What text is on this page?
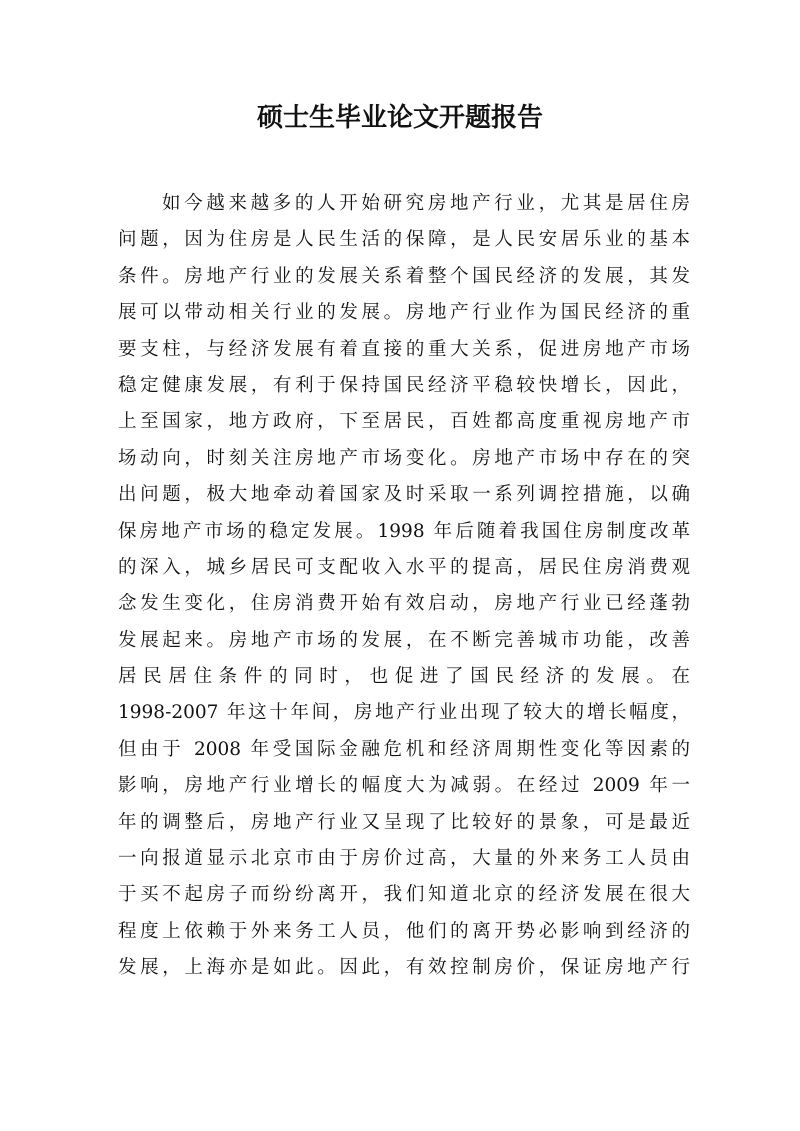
硕士生毕业论文开题报告
如今越来越多的人开始研究房地产行业，尤其是居住房
问题，因为住房是人民生活的保障，是人民安居乐业的基本
条件。房地产行业的发展关系着整个国民经济的发展，其发
展可以带动相关行业的发展。房地产行业作为国民经济的重
要支柱，与经济发展有着直接的重大关系，促进房地产市场
稳定健康发展，有利于保持国民经济平稳较快增长，因此，
上至国家，地方政府，下至居民，百姓都高度重视房地产市
场动向，时刻关注房地产市场变化。房地产市场中存在的突
出问题，极大地牵动着国家及时采取一系列调控措施，以确
保房地产市场的稳定发展。1998 年后随着我国住房制度改革
的深入，城乡居民可支配收入水平的提高，居民住房消费观
念发生变化，住房消费开始有效启动，房地产行业已经蓬勃
发展起来。房地产市场的发展，在不断完善城市功能，改善
居民居住条件的同时，也促进了国民经济的发展。在
1998-2007 年这十年间，房地产行业出现了较大的增长幅度，
但由于 2008 年受国际金融危机和经济周期性变化等因素的
影响，房地产行业增长的幅度大为减弱。在经过 2009 年一
年的调整后，房地产行业又呈现了比较好的景象，可是最近
一向报道显示北京市由于房价过高，大量的外来务工人员由
于买不起房子而纷纷离开，我们知道北京的经济发展在很大
程度上依赖于外来务工人员，他们的离开势必影响到经济的
发展，上海亦是如此。因此，有效控制房价，保证房地产行
